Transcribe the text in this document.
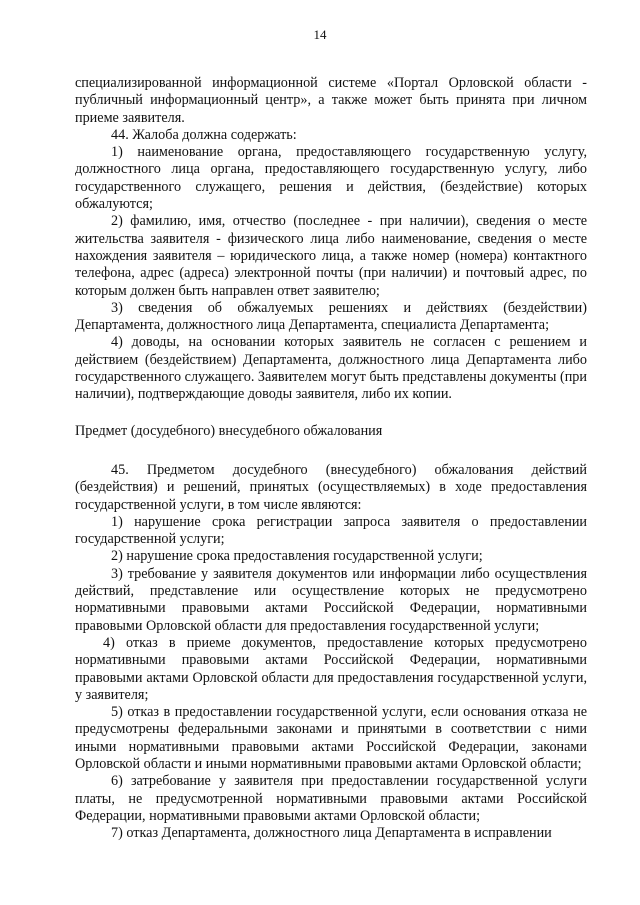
14

специализированной информационной системе «Портал Орловской области - публичный информационный центр», а также может быть принята при личном приеме заявителя.

44. Жалоба должна содержать:

1) наименование органа, предоставляющего государственную услугу, должностного лица органа, предоставляющего государственную услугу, либо государственного служащего, решения и действия, (бездействие) которых обжалуются;

2) фамилию, имя, отчество (последнее - при наличии), сведения о месте жительства заявителя - физического лица либо наименование, сведения о месте нахождения заявителя – юридического лица, а также номер (номера) контактного телефона, адрес (адреса) электронной почты (при наличии) и почтовый адрес, по которым должен быть направлен ответ заявителю;

3) сведения об обжалуемых решениях и действиях (бездействии) Департамента, должностного лица Департамента, специалиста Департамента;

4) доводы, на основании которых заявитель не согласен с решением и действием (бездействием) Департамента, должностного лица Департамента либо государственного служащего. Заявителем могут быть представлены документы (при наличии), подтверждающие доводы заявителя, либо их копии.

Предмет (досудебного) внесудебного обжалования

45. Предметом досудебного (внесудебного) обжалования действий (бездействия) и решений, принятых (осуществляемых) в ходе предоставления государственной услуги, в том числе являются:

1) нарушение срока регистрации запроса заявителя о предоставлении государственной услуги;

2) нарушение срока предоставления государственной услуги;

3) требование у заявителя документов или информации либо осуществления действий, представление или осуществление которых не предусмотрено нормативными правовыми актами Российской Федерации, нормативными правовыми Орловской области для предоставления государственной услуги;

4) отказ в приеме документов, предоставление которых предусмотрено нормативными правовыми актами Российской Федерации, нормативными правовыми актами Орловской области для предоставления государственной услуги, у заявителя;

5) отказ в предоставлении государственной услуги, если основания отказа не предусмотрены федеральными законами и принятыми в соответствии с ними иными нормативными правовыми актами Российской Федерации, законами Орловской области и иными нормативными правовыми актами Орловской области;

6) затребование у заявителя при предоставлении государственной услуги платы, не предусмотренной нормативными правовыми актами Российской Федерации, нормативными правовыми актами Орловской области;

7) отказ Департамента, должностного лица Департамента в исправлении
